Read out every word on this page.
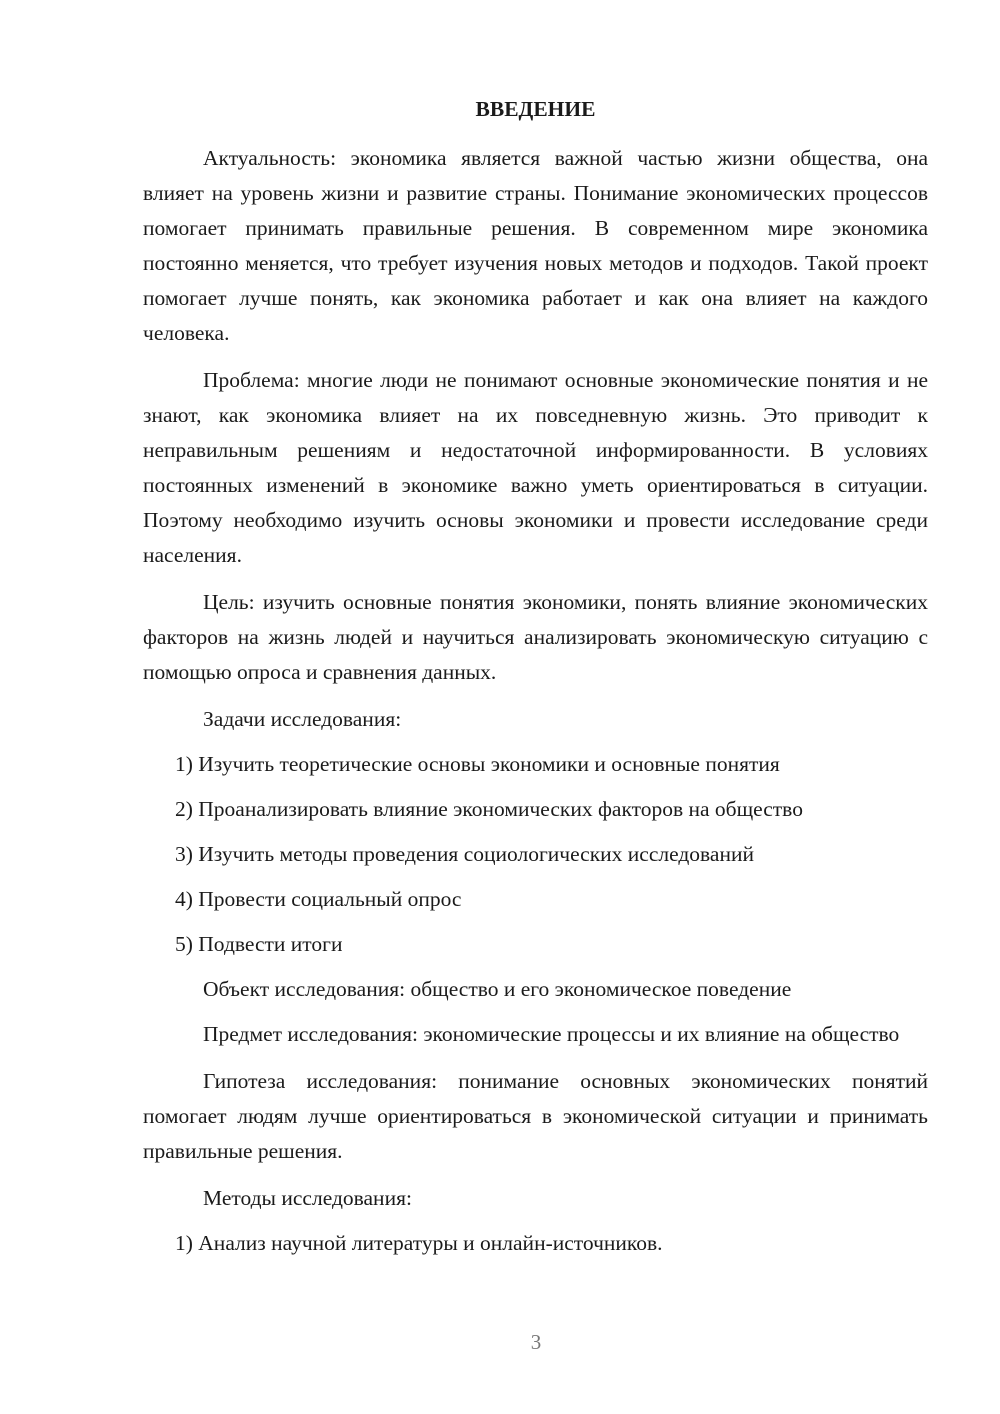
ВВЕДЕНИЕ

Актуальность: экономика является важной частью жизни общества, она влияет на уровень жизни и развитие страны. Понимание экономических процессов помогает принимать правильные решения. В современном мире экономика постоянно меняется, что требует изучения новых методов и подходов. Такой проект помогает лучше понять, как экономика работает и как она влияет на каждого человека.

Проблема: многие люди не понимают основные экономические понятия и не знают, как экономика влияет на их повседневную жизнь. Это приводит к неправильным решениям и недостаточной информированности. В условиях постоянных изменений в экономике важно уметь ориентироваться в ситуации. Поэтому необходимо изучить основы экономики и провести исследование среди населения.

Цель: изучить основные понятия экономики, понять влияние экономических факторов на жизнь людей и научиться анализировать экономическую ситуацию с помощью опроса и сравнения данных.

Задачи исследования:

1) Изучить теоретические основы экономики и основные понятия
2) Проанализировать влияние экономических факторов на общество
3) Изучить методы проведения социологических исследований
4) Провести социальный опрос
5) Подвести итоги

Объект исследования: общество и его экономическое поведение

Предмет исследования: экономические процессы и их влияние на общество

Гипотеза исследования: понимание основных экономических понятий помогает людям лучше ориентироваться в экономической ситуации и принимать правильные решения.

Методы исследования:

1) Анализ научной литературы и онлайн-источников.
3
